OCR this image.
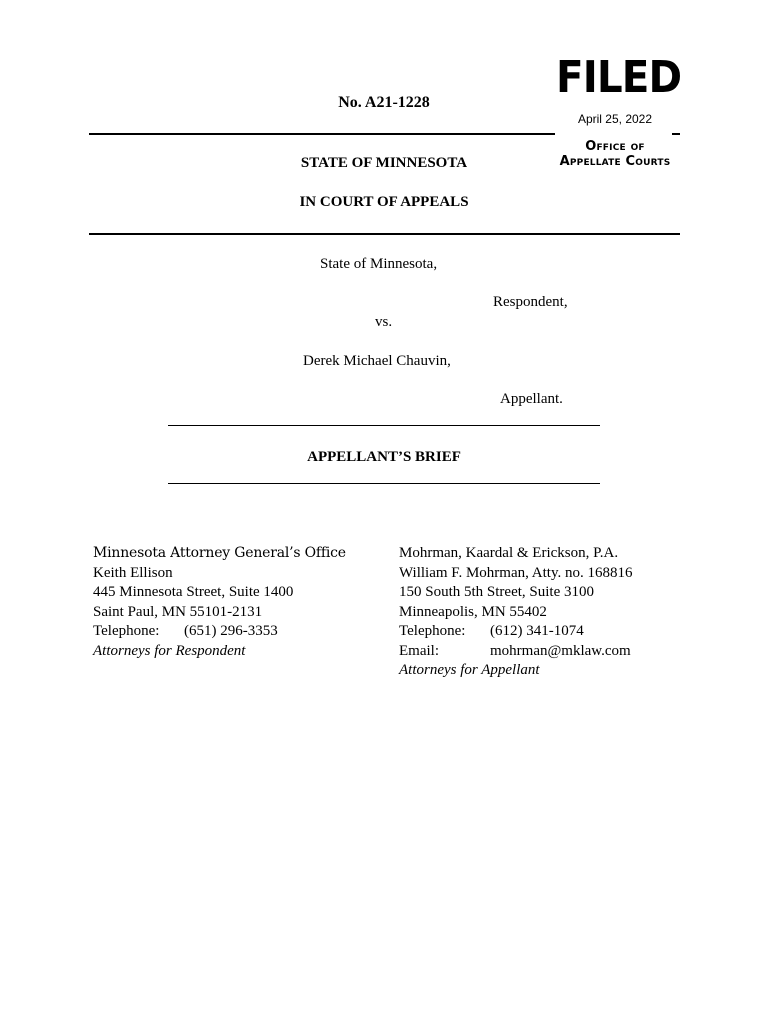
No. A21-1228	FILED
April 25, 2022
Office of
Appellate Courts
STATE OF MINNESOTA
IN COURT OF APPEALS
State of Minnesota,
Respondent,
vs.
Derek Michael Chauvin,
Appellant.
APPELLANT’S BRIEF
Minnesota Attorney General’s Office
Keith Ellison
445 Minnesota Street, Suite 1400
Saint Paul, MN 55101-2131
Telephone: (651) 296-3353
Attorneys for Respondent
Mohrman, Kaardal & Erickson, P.A.
William F. Mohrman, Atty. no. 168816
150 South 5th Street, Suite 3100
Minneapolis, MN 55402
Telephone: (612) 341-1074
Email:	mohrman@mklaw.com
Attorneys for Appellant
